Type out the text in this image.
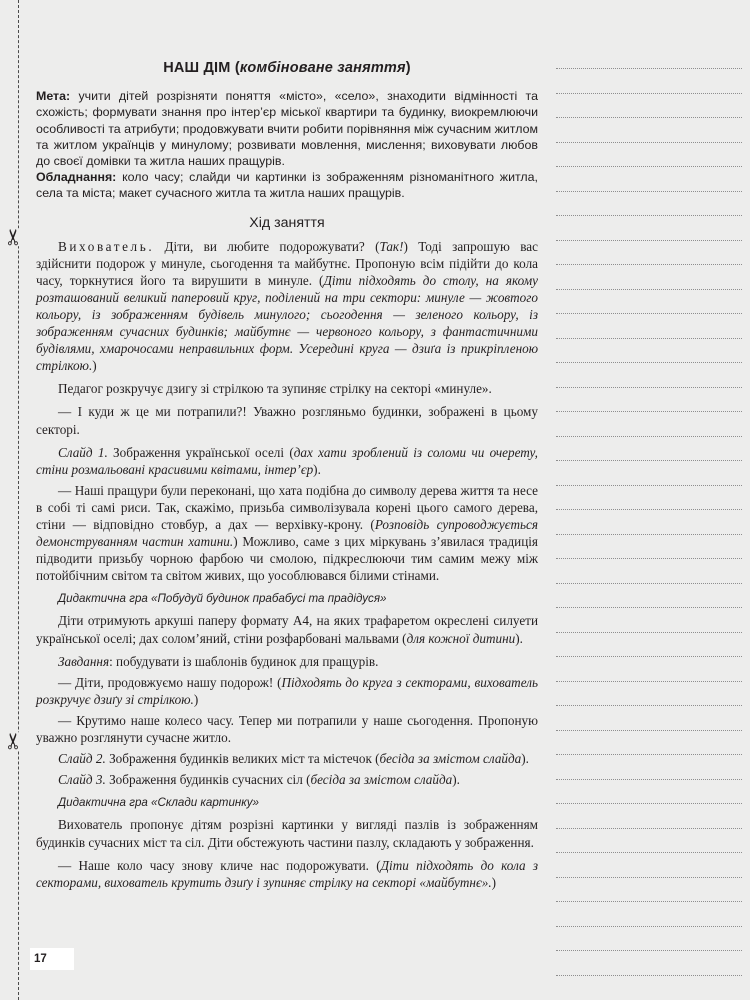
✂
✂
НАШ ДІМ (комбіноване заняття)

Мета: учити дітей розрізняти поняття «місто», «село», знаходити відмінності та схожість; формувати знання про інтер’єр міської квартири та будинку, виокремлюючи особливості та атрибути; продовжувати вчити робити порівняння між сучасним житлом та житлом українців у минулому; розвивати мовлення, мислення; виховувати любов до своєї домівки та житла наших пращурів.

Обладнання: коло часу; слайди чи картинки із зображенням різноманітного житла, села та міста; макет сучасного житла та житла наших пращурів.

Хід заняття

Вихователь. Діти, ви любите подорожувати? (Так!) Тоді запрошую вас здійснити подорож у минуле, сьогодення та майбутнє. Пропоную всім підійти до кола часу, торкнутися його та вирушити в минуле. (Діти підходять до столу, на якому розташований великий паперовий круг, поділений на три сектори: минуле — жовтого кольору, із зображенням будівель минулого; сьогодення — зеленого кольору, із зображенням сучасних будинків; майбутнє — червоного кольору, з фантастичними будівлями, хмарочосами неправильних форм. Усередині круга — дзиґа із прикріпленою стрілкою.)

Педагог розкручує дзигу зі стрілкою та зупиняє стрілку на секторі «минуле».

— І куди ж це ми потрапили?! Уважно розгляньмо будинки, зображені в цьому секторі.

Слайд 1. Зображення української оселі (дах хати зроблений із соломи чи очерету, стіни розмальовані красивими квітами, інтер’єр).

— Наші пращури були переконані, що хата подібна до символу дерева життя та несе в собі ті самі риси. Так, скажімо, призьба символізувала корені цього самого дерева, стіни — відповідно стовбур, а дах — верхівку-крону. (Розповідь супроводжується демонструванням частин хатини.) Можливо, саме з цих міркувань з’явилася традиція підводити призьбу чорною фарбою чи смолою, підкреслюючи тим самим межу між потойбічним світом та світом живих, що уособлювався білими стінами.

Дидактична гра «Побудуй будинок прабабусі та прадідуся»

Діти отримують аркуші паперу формату А4, на яких трафаретом окреслені силуети української оселі; дах солом’яний, стіни розфарбовані мальвами (для кожної дитини).

Завдання: побудувати із шаблонів будинок для пращурів.

— Діти, продовжуємо нашу подорож! (Підходять до круга з секторами, вихователь розкручує дзиґу зі стрілкою.)

— Крутимо наше колесо часу. Тепер ми потрапили у наше сьогодення. Пропоную уважно розглянути сучасне житло.

Слайд 2. Зображення будинків великих міст та містечок (бесіда за змістом слайда).

Слайд 3. Зображення будинків сучасних сіл (бесіда за змістом слайда).

Дидактична гра «Склади картинку»

Вихователь пропонує дітям розрізні картинки у вигляді пазлів із зображенням будинків сучасних міст та сіл. Діти обстежують частини пазлу, складають у зображення.

— Наше коло часу знову кличе нас подорожувати. (Діти підходять до кола з секторами, вихователь крутить дзиґу і зупиняє стрілку на секторі «майбутнє».)

17
